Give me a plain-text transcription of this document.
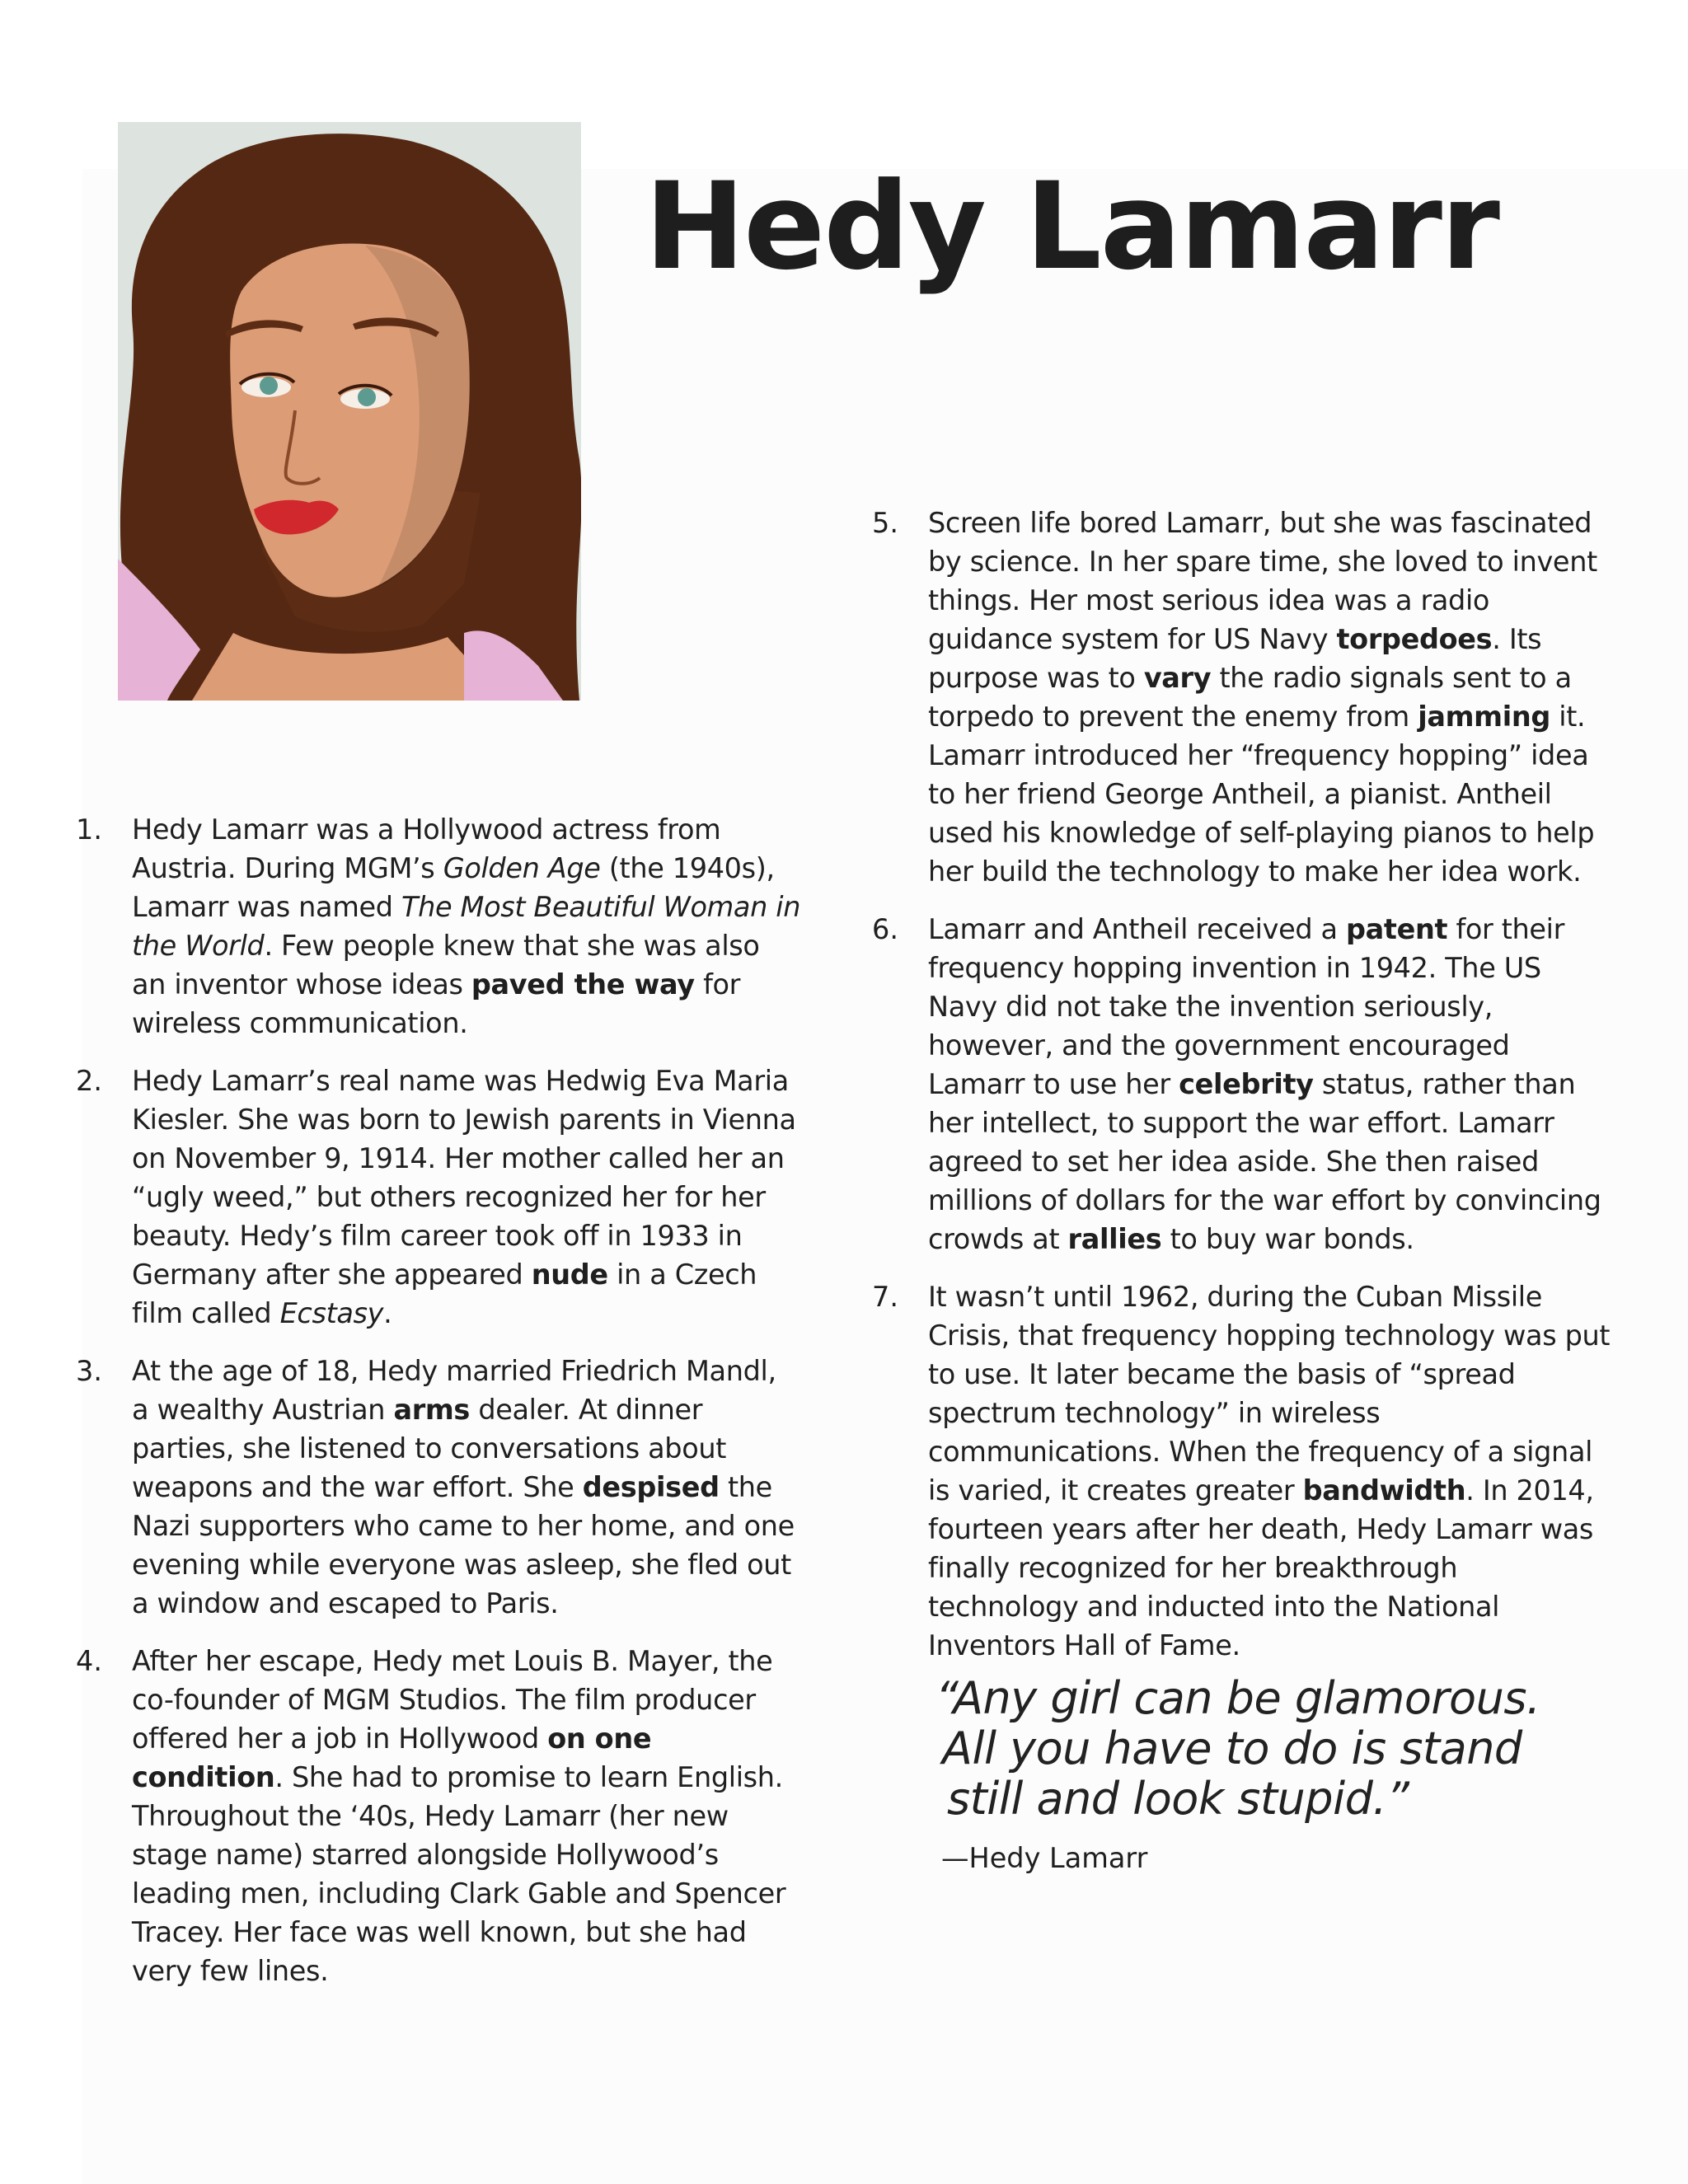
Hedy Lamarr
1. Hedy Lamarr was a Hollywood actress from Austria. During MGM’s Golden Age (the 1940s), Lamarr was named The Most Beautiful Woman in the World. Few people knew that she was also an inventor whose ideas paved the way for wireless communication.
2. Hedy Lamarr’s real name was Hedwig Eva Maria Kiesler. She was born to Jewish parents in Vienna on November 9, 1914. Her mother called her an “ugly weed,” but others recognized her for her beauty. Hedy’s film career took off in 1933 in Germany after she appeared nude in a Czech film called Ecstasy.
3. At the age of 18, Hedy married Friedrich Mandl, a wealthy Austrian arms dealer. At dinner parties, she listened to conversations about weapons and the war effort. She despised the Nazi supporters who came to her home, and one evening while everyone was asleep, she fled out a window and escaped to Paris.
4. After her escape, Hedy met Louis B. Mayer, the co-founder of MGM Studios. The film producer offered her a job in Hollywood on one condition. She had to promise to learn English. Throughout the ‘40s, Hedy Lamarr (her new stage name) starred alongside Hollywood’s leading men, including Clark Gable and Spencer Tracey. Her face was well known, but she had very few lines.
5. Screen life bored Lamarr, but she was fascinated by science. In her spare time, she loved to invent things. Her most serious idea was a radio guidance system for US Navy torpedoes. Its purpose was to vary the radio signals sent to a torpedo to prevent the enemy from jamming it. Lamarr introduced her “frequency hopping” idea to her friend George Antheil, a pianist. Antheil used his knowledge of self-playing pianos to help her build the technology to make her idea work.
6. Lamarr and Antheil received a patent for their frequency hopping invention in 1942. The US Navy did not take the invention seriously, however, and the government encouraged Lamarr to use her celebrity status, rather than her intellect, to support the war effort. Lamarr agreed to set her idea aside. She then raised millions of dollars for the war effort by convincing crowds at rallies to buy war bonds.
7. It wasn’t until 1962, during the Cuban Missile Crisis, that frequency hopping technology was put to use. It later became the basis of “spread spectrum technology” in wireless communications. When the frequency of a signal is varied, it creates greater bandwidth. In 2014, fourteen years after her death, Hedy Lamarr was finally recognized for her breakthrough technology and inducted into the National Inventors Hall of Fame.
“Any girl can be glamorous.
All you have to do is stand
still and look stupid.”
—Hedy Lamarr
